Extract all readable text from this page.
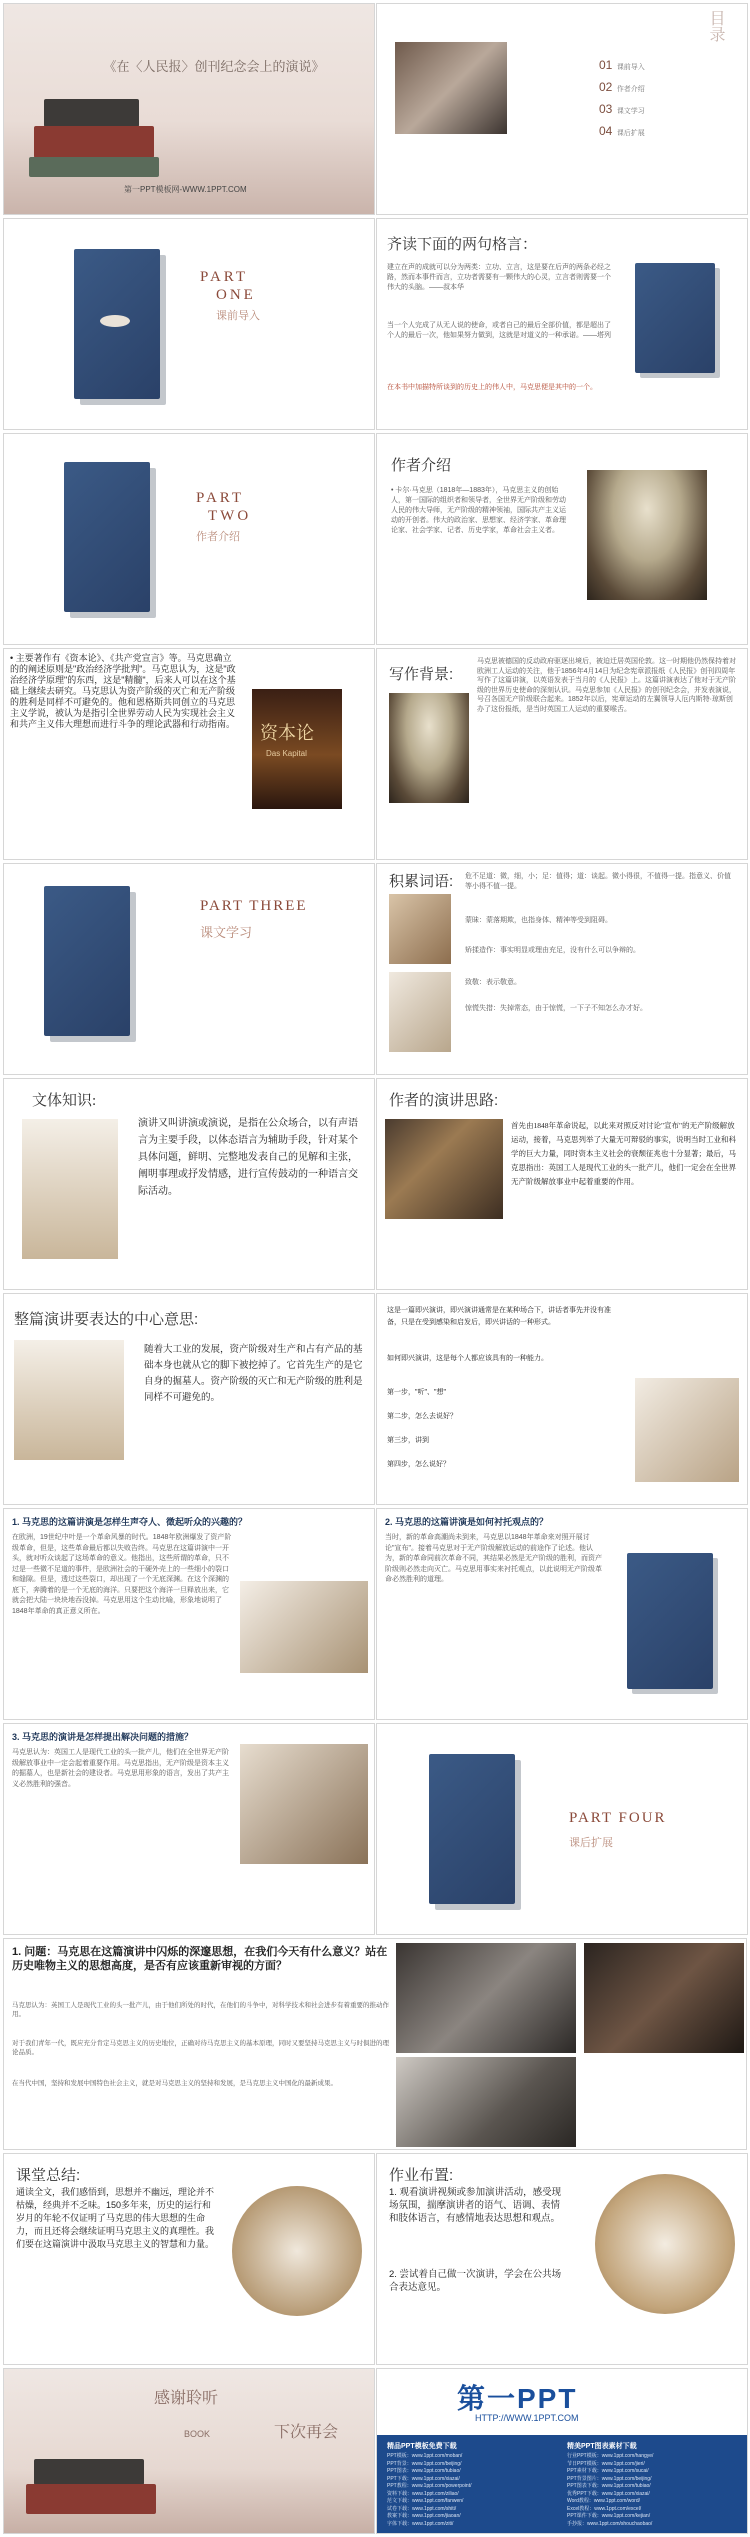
《在〈人民报〉创刊纪念会上的演说》
第一PPT模板网-WWW.1PPT.COM
目录
01 课前导入
02 作者介绍
03 课文学习
04 课后扩展
PART
ONE
课前导入
齐读下面的两句格言：
建立在声的成就可以分为两类：立功、立言，这是要在后声的两条必经之路，然而本事件而言，立功者需要有一颗伟大的心灵，立言者则需要一个伟大的头脑。——叔本华
当一个人完成了从无人说的使命，或者自己的最后全部价值，都是超出了个人的最后一次，他如果努力做到，这就是对道义的一种承诺。——塔列
在本书中加描特所谈到的历史上的伟人中，马克思便是其中的一个。
PART
TWO
作者介绍
作者介绍
• 卡尔·马克思（1818年—1883年），马克思主义的创始人，第一国际的组织者和领导者，全世界无产阶级和劳动人民的伟大导师，无产阶级的精神领袖，国际共产主义运动的开创者。伟大的政治家、思想家、经济学家、革命理论家、社会学家、记者、历史学家，革命社会主义者。
• 主要著作有《资本论》、《共产党宣言》等。马克思确立的的阐述原则是"政治经济学批判"。马克思认为，这是"政治经济学原理"的东西，这是"精髓"，后来人可以在这个基础上继续去研究。马克思认为资产阶级的灭亡和无产阶级的胜利是同样不可避免的。他和恩格斯共同创立的马克思主义学说，被认为是指引全世界劳动人民为实现社会主义和共产主义伟大理想而进行斗争的理论武器和行动指南。 资本论
Das Kapital
写作背景:
马克思被德国的反动政府驱逐出境后，被迫迁居英国伦敦。这一时期他仍然保持着对欧洲工人运动的关注，他于1856年4月14日为纪念宪章派报纸《人民报》创刊四周年写作了这篇讲演，以英语发表于当月的《人民报》上。这篇讲演表达了他对于无产阶级的世界历史使命的深刻认识。马克思参加《人民报》的创刊纪念会，并发表演说，号召各国无产阶级联合起来。1852年以后，宪章运动的左翼领导人厄内斯特·琼斯创办了这份报纸，是当时英国工人运动的重要喉舌。
PART THREE
课文学习
积累词语: 危不足道：微，细，小；足：值得；道：谈起。微小得很，不值得一提。指意义、价值等小得不值一提。
蒙昧：蒙落期欺，也指身体、精神等受到阻碍。
矫揉造作：事实明显或理由充足，没有什么可以争辩的。
致敬：表示敬意。
惊慌失措：失掉常态，由于惊慌，一下子不知怎么办才好。
文体知识:
演讲又叫讲演或演说，是指在公众场合，以有声语言为主要手段，以体态语言为辅助手段，针对某个具体问题，鲜明、完整地发表自己的见解和主张，阐明事理或抒发情感，进行宣传鼓动的一种语言交际活动。
作者的演讲思路:
首先由1848年革命说起，以此来对照反对讨论"宣布"的无产阶级解放运动，接着，马克思列举了大量无可辩驳的事实，说明当时工业和科学的巨大力量，同时资本主义社会的衰颓征兆也十分显著；最后，马克思指出：英国工人是现代工业的头一批产儿，他们一定会在全世界无产阶级解放事业中起着重要的作用。
整篇演讲要表达的中心意思:
随着大工业的发展，资产阶级对生产和占有产品的基础本身也就从它的脚下被挖掉了。它首先生产的是它自身的掘墓人。资产阶级的灭亡和无产阶级的胜利是同样不可避免的。
这是一篇即兴演讲，即兴演讲通常是在某种场合下，讲话者事先并没有准备，只是在受到感染和启发后，即兴讲话的一种形式。
如何即兴演讲，这是每个人都应该具有的一种能力。
第一步，"听"、"想"
第二步，怎么去说好？
第三步，讲到
第四步，怎么说好？
1. 马克思的这篇讲演是怎样生声夺人、徵起听众的兴趣的？
在欧洲，19世纪中叶是一个革命风暴的时代。1848年欧洲爆发了资产阶级革命，但是，这些革命最后都以失败告终。马克思在这篇讲演中一开头，就对听众谈起了这场革命的意义。他指出，这些所谓的革命，只不过是一些微不足道的事件，是欧洲社会的干硬外壳上的一些细小的裂口和缝隙。但是，透过这些裂口，却出现了一个无底深渊。在这个深渊的底下，奔腾着的是一个无底的海洋。只要把这个海洋一旦释放出来，它就会把大陆一块块地吞没掉。马克思用这个生动比喻，形象地说明了1848年革命的真正意义所在。
2. 马克思的这篇讲演是如何衬托观点的？
当时，新的革命高潮尚未到来，马克思以1848年革命来对照开展讨论"宣布"。接着马克思对于无产阶级解放运动的前途作了论述。他认为，新的革命同前次革命不同，其结果必然是无产阶级的胜利，而资产阶级则必然走向灭亡。马克思用事实来衬托观点，以此说明无产阶级革命必然胜利的道理。
3. 马克思的演讲是怎样提出解决问题的措施？
马克思认为：英国工人是现代工业的头一批产儿，他们在全世界无产阶级解放事业中一定会起着重要作用。马克思指出，无产阶级是资本主义的掘墓人，也是新社会的建设者。马克思用形象的语言，发出了共产主义必然胜利的强音。
PART FOUR
课后扩展
1. 问题：马克思在这篇演讲中闪烁的深邃思想，在我们今天有什么意义？站在历史唯物主义的思想高度，是否有应该重新审视的方面？
马克思认为：英国工人是现代工业的头一批产儿，由于他们所处的时代，在他们的斗争中，对科学技术和社会进步有着重要的推动作用。
对于我们青年一代，既应充分肯定马克思主义的历史地位，正确对待马克思主义的基本原理，同时又要坚持马克思主义与时俱进的理论品质。
在当代中国，坚持和发展中国特色社会主义，就是对马克思主义的坚持和发展，是马克思主义中国化的最新成果。
课堂总结:
通读全文，我们感悟到，思想并不幽远，理论并不枯燥，经典并不乏味。150多年来，历史的运行和岁月的年轮不仅证明了马克思的伟大思想的生命力，而且还将会继续证明马克思主义的真理性。我们要在这篇演讲中汲取马克思主义的智慧和力量。
作业布置:
1. 观看演讲视频或参加演讲活动，感受现场氛围，揣摩演讲者的语气、语调、表情和肢体语言，有感情地表达思想和观点。
2. 尝试着自己做一次演讲，学会在公共场合表达意见。
感谢聆听
BOOK	下次再会
第一PPT
HTTP://WWW.1PPT.COM
精品PPT模板免费下载	精美PPT图表素材下载
PPT模板：www.1ppt.com/moban/
PPT背景：www.1ppt.com/beijing/
PPT图表：www.1ppt.com/tubiao/
PPT下载：www.1ppt.com/xiazai/
PPT教程：www.1ppt.com/powerpoint/
资料下载：www.1ppt.com/ziliao/
范文下载：www.1ppt.com/fanwen/
试卷下载：www.1ppt.com/shiti/
教案下载：www.1ppt.com/jiaoan/
字体下载：www.1ppt.com/ziti/
行业PPT模板：www.1ppt.com/hangye/
节日PPT模板：www.1ppt.com/jieri/
PPT素材下载：www.1ppt.com/sucai/
PPT背景图片：www.1ppt.com/beijing/
PPT图表下载：www.1ppt.com/tubiao/
优秀PPT下载：www.1ppt.com/xiazai/
Word教程：www.1ppt.com/word/
Excel教程：www.1ppt.com/excel/
PPT课件下载：www.1ppt.com/kejian/
手抄报：www.1ppt.com/shouchaobao/
